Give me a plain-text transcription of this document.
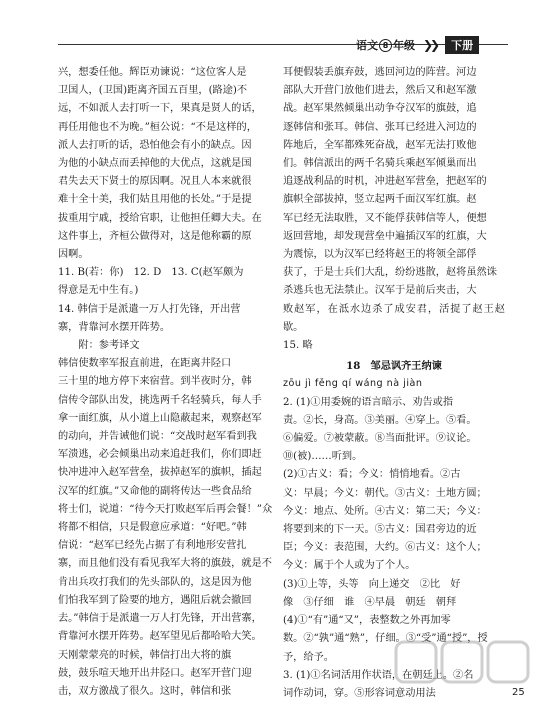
语文 8 年级 ❯❯	下册

兴，想委任他。辉臣劝谏说：“这位客人是

卫国人，(卫国)距离齐国五百里，(路途)不

远，不如派人去打听一下，果真是贤人的话，

再任用他也不为晚。”桓公说：“不是这样的，

派人去打听的话，恐怕他会有小的缺点。因

为他的小缺点而丢掉他的大优点，这就是国

君失去天下贤士的原因啊。况且人本来就很

难十全十美，我们姑且用他的长处。”于是提

拔重用宁戚，授给官职，让他担任卿大夫。在

这件事上，齐桓公做得对，这是他称霸的原

因啊。

11. B(若：你)　12. D　13. C(赵军颇为

得意是无中生有。)

14. 韩信于是派遣一万人打先锋，开出营

寨，背靠河水摆开阵势。

附：参考译文

韩信使数率军报直前进，在距离井陉口

三十里的地方停下来宿营。到半夜时分，韩

信传令部队出发，挑选两千名轻骑兵，每人手

拿一面红旗，从小道上山隐蔽起来，观察赵军

的动向，并告诫他们说：“交战时赵军看到我

军溃逃，必会倾巢出动来追赶我们，你们即赶

快冲进冲入赵军营垒，拔掉赵军的旗帜，插起

汉军的红旗。”又命他的副将传达一些食品给

将士们，说道：“待今天打败赵军后再会餐！”众

将都不相信，只是假意应承道：“好吧。”韩

信说：“赵军已经先占据了有利地形安营扎

寨，而且他们没有看见我军大将的旗鼓，就是不

肯出兵攻打我们的先头部队的，这是因为他

们怕我军到了险要的地方，遇阻后就会撤回

去。”韩信于是派遣一万人打先锋，开出营寨，

背靠河水摆开阵势。赵军望见后都哈哈大笑。

天刚蒙蒙亮的时候，韩信打出大将的旗

鼓，鼓乐喧天地开出井陉口。赵军开营门迎

击，双方激战了很久。这时，韩信和张

耳便假装丢旗弃鼓，逃回河边的阵营。河边

部队大开营门放他们进去，然后又和赵军激

战。赵军果然倾巢出动争夺汉军的旗鼓，追

逐韩信和张耳。韩信、张耳已经进入河边的

阵地后，全军都殊死奋战，赵军无法打败他

们。韩信派出的两千名骑兵乘赵军倾巢而出

追逐战利品的时机，冲进赵军营垒，把赵军的

旗帜全部拔掉，竖立起两千面汉军红旗。赵

军已经无法取胜，又不能俘获韩信等人，便想

返回营地，却发现营垒中遍插汉军的红旗，大

为震惊，以为汉军已经将赵王的将领全部俘

获了，于是士兵们大乱，纷纷逃散，赵将虽然诛

杀逃兵也无法禁止。汉军于是前后夹击，大

败赵军，在泜水边杀了成安君，活捉了赵王赵歇。

15. 略

18　邹忌讽齐王纳谏

zōu jì fěng qí wáng nà jiàn

2. (1)①用委婉的语言暗示、劝告或指

责。②长，身高。③美丽。④穿上。⑤看。

⑥偏爱。⑦被蒙蔽。⑧当面批评。⑨议论。

⑩(被)……听到。

(2)①古义：看；今义：悄悄地看。②古

义：早晨；今义：朝代。③古义：土地方圆；

今义：地点、处所。④古义：第二天；今义：

将要到来的下一天。⑤古义：国君旁边的近

臣；今义：表范围，大约。⑥古义：这个人；

今义：属于个人或为了个人。

(3)①上等，头等　向上递交　②比　好

像　③仔细　谁　④早晨　朝廷　朝拜

(4)①“有”通“又”，表整数之外再加零

数。②“孰”通“熟”，仔细。③“受”通“授”，授

予，给予。

3. (1)①名词活用作状语，在朝廷上。②名

词作动词，穿。⑤形容词意动用法	25
